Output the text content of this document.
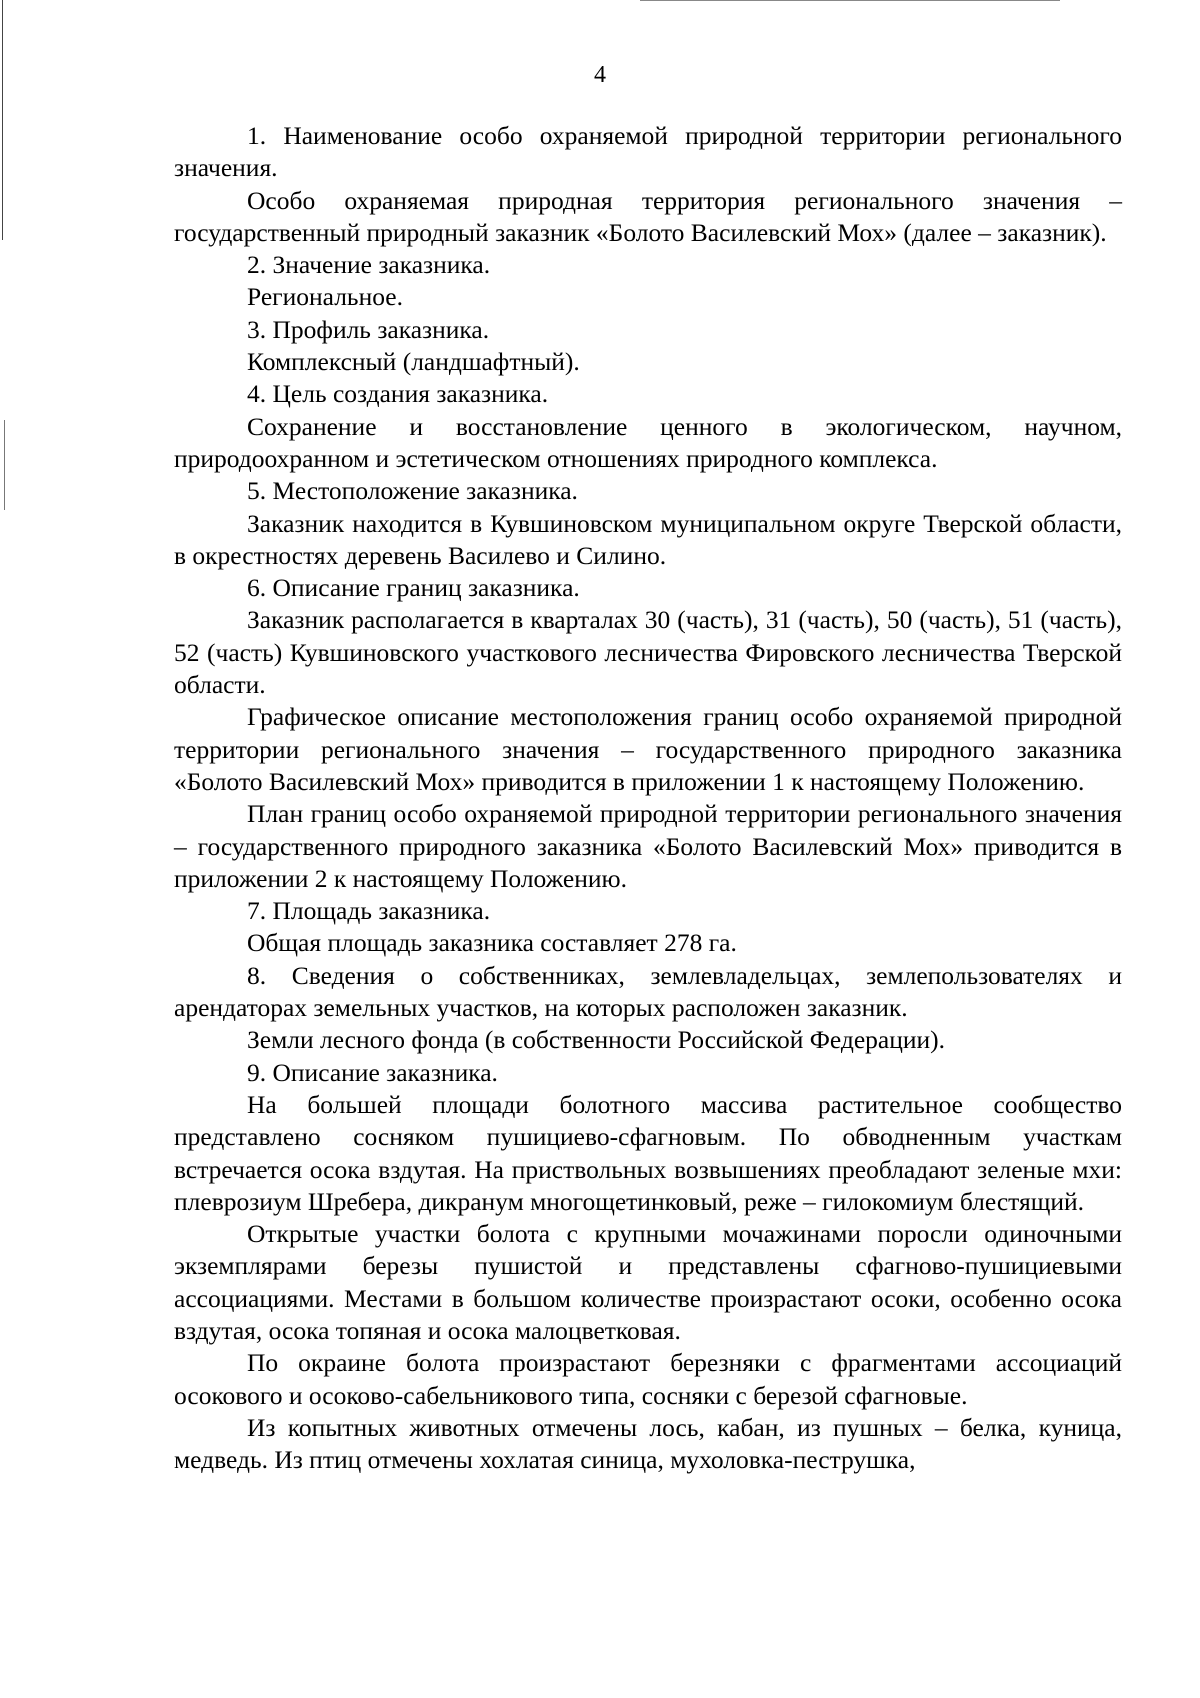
4

1. Наименование особо охраняемой природной территории регионального значения.

Особо охраняемая природная территория регионального значения – государственный природный заказник «Болото Василевский Мох» (далее – заказник).

2. Значение заказника.

Региональное.

3. Профиль заказника.

Комплексный (ландшафтный).

4. Цель создания заказника.

Сохранение и восстановление ценного в экологическом, научном, природоохранном и эстетическом отношениях природного комплекса.

5. Местоположение заказника.

Заказник находится в Кувшиновском муниципальном округе Тверской области, в окрестностях деревень Василево и Силино.

6. Описание границ заказника.

Заказник располагается в кварталах 30 (часть), 31 (часть), 50 (часть), 51 (часть), 52 (часть) Кувшиновского участкового лесничества Фировского лесничества Тверской области.

Графическое описание местоположения границ особо охраняемой природной территории регионального значения – государственного природного заказника «Болото Василевский Мох» приводится в приложении 1 к настоящему Положению.

План границ особо охраняемой природной территории регионального значения – государственного природного заказника «Болото Василевский Мох» приводится в приложении 2 к настоящему Положению.

7. Площадь заказника.

Общая площадь заказника составляет 278 га.

8. Сведения о собственниках, землевладельцах, землепользователях и арендаторах земельных участков, на которых расположен заказник.

Земли лесного фонда (в собственности Российской Федерации).

9. Описание заказника.

На большей площади болотного массива растительное сообщество представлено сосняком пушициево-сфагновым. По обводненным участкам встречается осока вздутая. На приствольных возвышениях преобладают зеленые мхи: плеврозиум Шребера, дикранум многощетинковый, реже – гилокомиум блестящий.

Открытые участки болота с крупными мочажинами поросли одиночными экземплярами березы пушистой и представлены сфагново-пушициевыми ассоциациями. Местами в большом количестве произрастают осоки, особенно осока вздутая, осока топяная и осока малоцветковая.

По окраине болота произрастают березняки с фрагментами ассоциаций осокового и осоково-сабельникового типа, сосняки с березой сфагновые.

Из копытных животных отмечены лось, кабан, из пушных – белка, куница, медведь. Из птиц отмечены хохлатая синица, мухоловка-пеструшка,
